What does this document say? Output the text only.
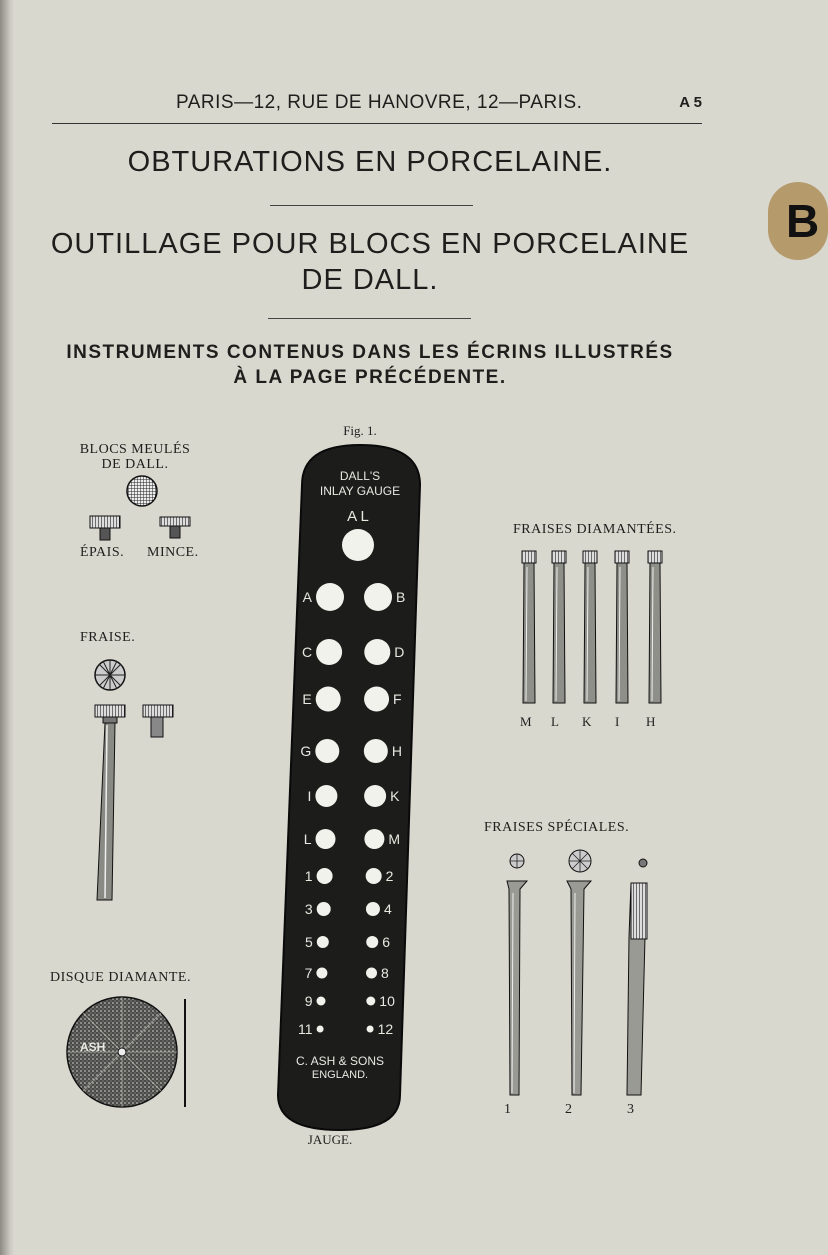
B
PARIS—12, RUE DE HANOVRE, 12—PARIS.	A 5
OBTURATIONS EN PORCELAINE.
OUTILLAGE POUR BLOCS EN PORCELAINE
DE DALL.
INSTRUMENTS CONTENUS DANS LES ÉCRINS ILLUSTRÉS
À LA PAGE PRÉCÉDENTE.
BLOCS MEULÉS
DE DALL.
ÉPAIS. MINCE.
FRAISE.
DISQUE DIAMANTE.
ASH
Fig. 1.
DALL'S
INLAY GAUGE
A L
A	B
C	D
E	F
G	H
I	K
L	M
1	2
3	4
5	6
7	8
9	10
11	12
C. ASH & SONS
ENGLAND.
JAUGE.
FRAISES DIAMANTÉES.
M L K I H
FRAISES SPÉCIALES.
1	2	3
